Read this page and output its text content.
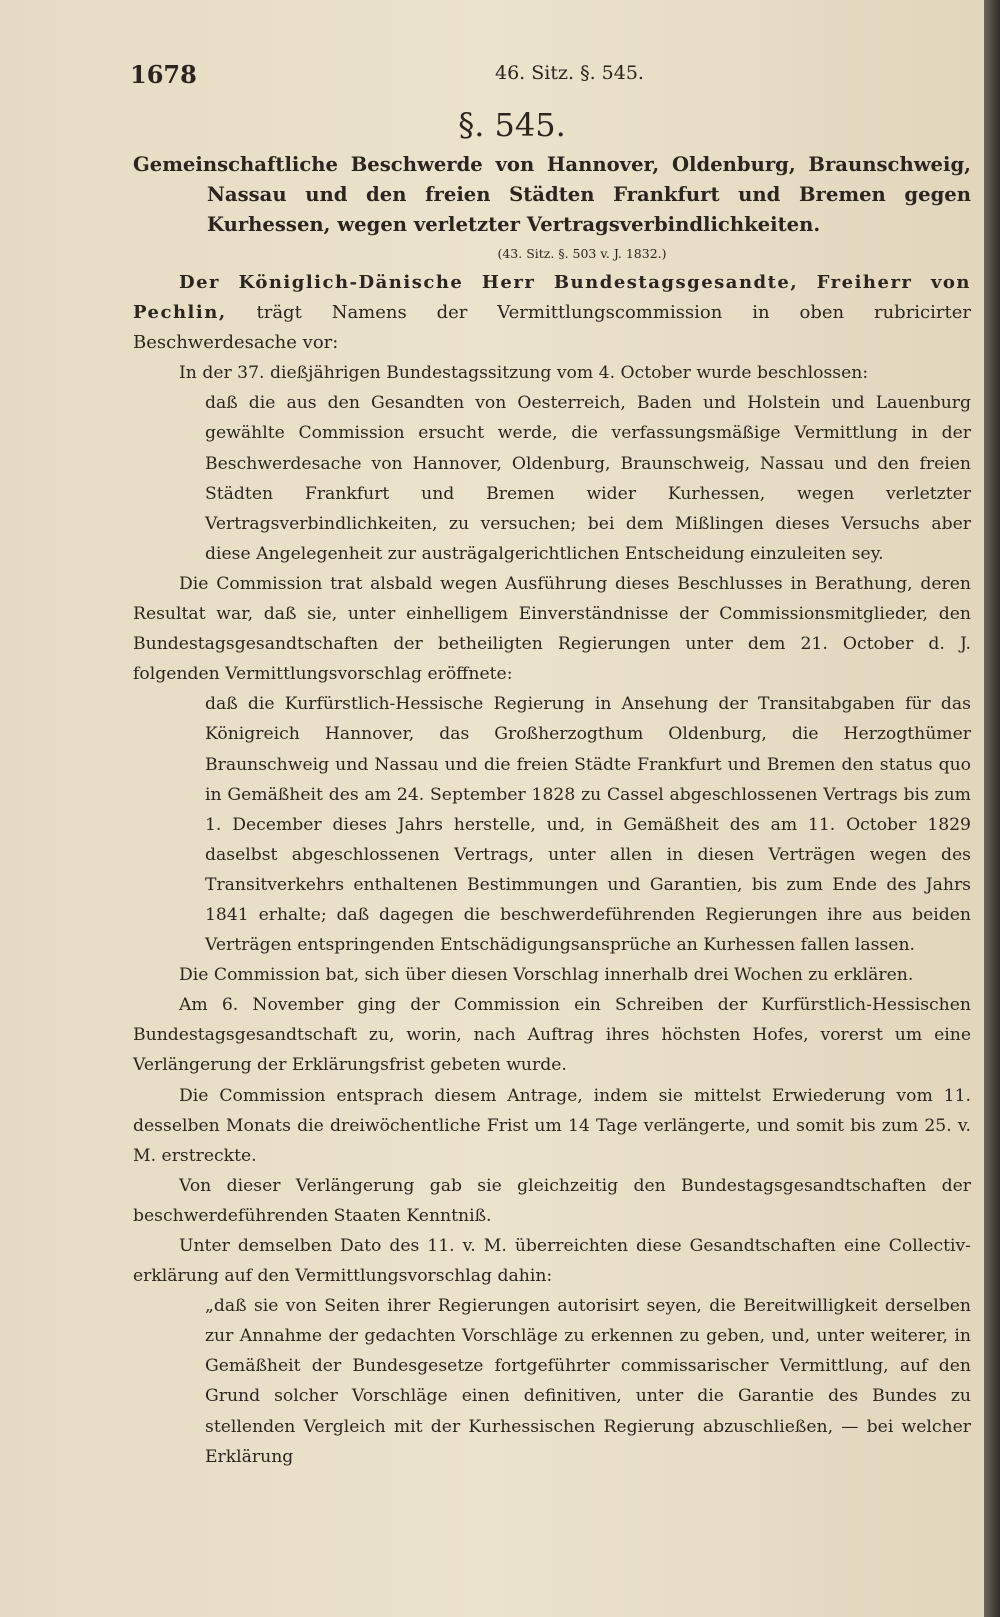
1678	46. Sitz. §. 545.
§. 545.

Gemeinschaftliche Beschwerde von Hannover, Oldenburg, Braunschweig, Nassau und den freien Städten Frankfurt und Bremen gegen Kurhessen, wegen verletzter Vertragsverbindlichkeiten.

(43. Sitz. §. 503 v. J. 1832.)

Der Königlich-Dänische Herr Bundestagsgesandte, Freiherr von Pechlin, trägt Namens der Vermittlungscommission in oben rubricirter Beschwerdesache vor:

In der 37. dießjährigen Bundestagssitzung vom 4. October wurde beschlossen:

daß die aus den Gesandten von Oesterreich, Baden und Holstein und Lauenburg gewählte Commission ersucht werde, die verfassungsmäßige Vermittlung in der Beschwerdesache von Hannover, Oldenburg, Braunschweig, Nassau und den freien Städten Frankfurt und Bremen wider Kurhessen, wegen verletzter Vertragsverbindlichkeiten, zu versuchen; bei dem Mißlingen dieses Versuchs aber diese Angelegenheit zur austrägalgerichtlichen Entscheidung einzuleiten sey.

Die Commission trat alsbald wegen Ausführung dieses Beschlusses in Berathung, deren Resultat war, daß sie, unter einhelligem Einverständnisse der Commissionsmitglieder, den Bundestagsgesandtschaften der betheiligten Regierungen unter dem 21. October d. J. folgenden Vermittlungsvorschlag eröffnete:

daß die Kurfürstlich-Hessische Regierung in Ansehung der Transitabgaben für das Königreich Hannover, das Großherzogthum Oldenburg, die Herzogthümer Braunschweig und Nassau und die freien Städte Frankfurt und Bremen den status quo in Gemäßheit des am 24. September 1828 zu Cassel abgeschlossenen Vertrags bis zum 1. December dieses Jahrs herstelle, und, in Gemäßheit des am 11. October 1829 daselbst abgeschlossenen Vertrags, unter allen in diesen Verträgen wegen des Transitverkehrs enthaltenen Bestimmungen und Garantien, bis zum Ende des Jahrs 1841 erhalte; daß dagegen die beschwerdeführenden Regierungen ihre aus beiden Verträgen entspringenden Entschädigungsansprüche an Kurhessen fallen lassen.

Die Commission bat, sich über diesen Vorschlag innerhalb drei Wochen zu erklären.

Am 6. November ging der Commission ein Schreiben der Kurfürstlich-Hessischen Bundestagsgesandtschaft zu, worin, nach Auftrag ihres höchsten Hofes, vorerst um eine Verlängerung der Erklärungsfrist gebeten wurde.

Die Commission entsprach diesem Antrage, indem sie mittelst Erwiederung vom 11. desselben Monats die dreiwöchentliche Frist um 14 Tage verlängerte, und somit bis zum 25. v. M. erstreckte.

Von dieser Verlängerung gab sie gleichzeitig den Bundestagsgesandtschaften der beschwerdeführenden Staaten Kenntniß.

Unter demselben Dato des 11. v. M. überreichten diese Gesandtschaften eine Collectiv-erklärung auf den Vermittlungsvorschlag dahin:

„daß sie von Seiten ihrer Regierungen autorisirt seyen, die Bereitwilligkeit derselben zur Annahme der gedachten Vorschläge zu erkennen zu geben, und, unter weiterer, in Gemäßheit der Bundesgesetze fortgeführter commissarischer Vermittlung, auf den Grund solcher Vorschläge einen definitiven, unter die Garantie des Bundes zu stellenden Vergleich mit der Kurhessischen Regierung abzuschließen, — bei welcher Erklärung
